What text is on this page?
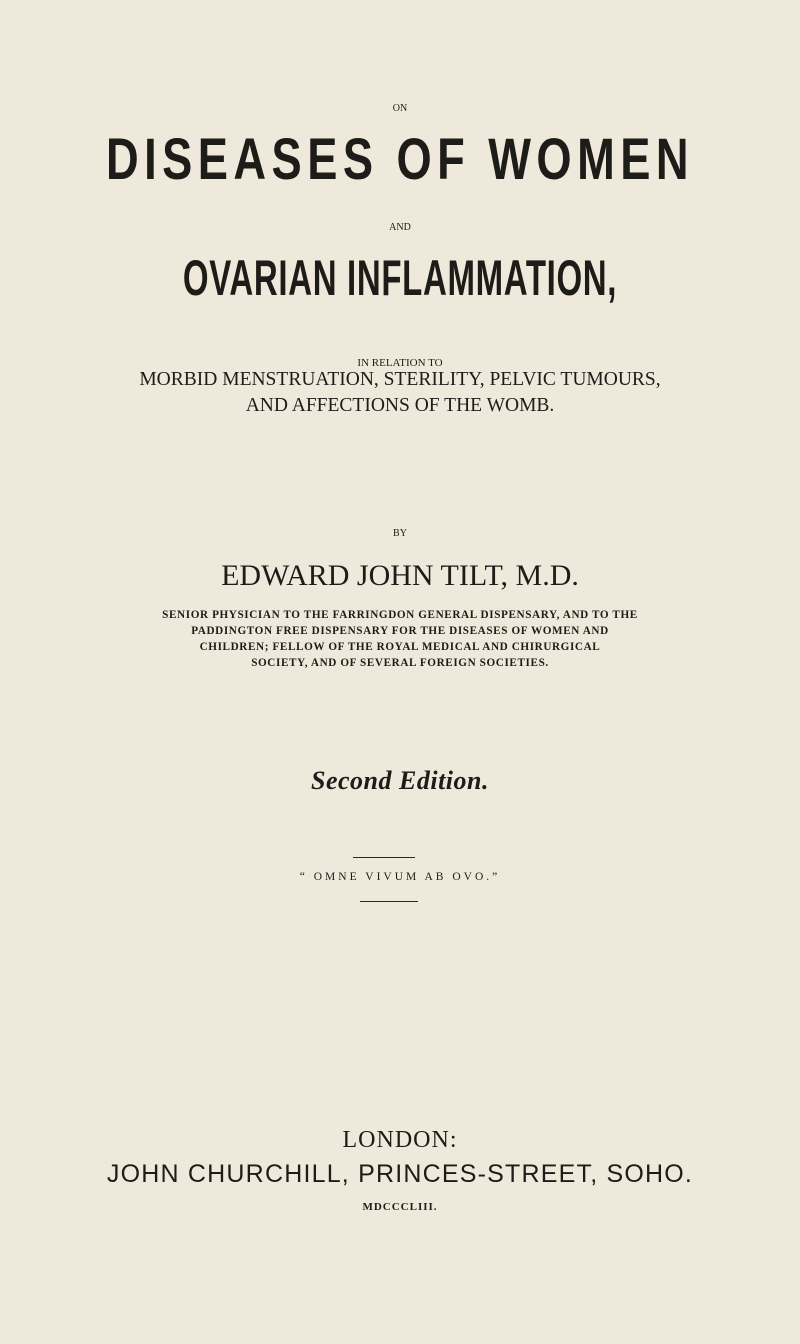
ON
DISEASES OF WOMEN
AND
OVARIAN INFLAMMATION,
IN RELATION TO
MORBID MENSTRUATION, STERILITY, PELVIC TUMOURS,
AND AFFECTIONS OF THE WOMB.
BY
EDWARD JOHN TILT, M.D.
SENIOR PHYSICIAN TO THE FARRINGDON GENERAL DISPENSARY, AND TO THE
PADDINGTON FREE DISPENSARY FOR THE DISEASES OF WOMEN AND
CHILDREN; FELLOW OF THE ROYAL MEDICAL AND CHIRURGICAL
SOCIETY, AND OF SEVERAL FOREIGN SOCIETIES.
Second Edition.
“ OMNE VIVUM AB OVO.”
LONDON:
JOHN CHURCHILL, PRINCES-STREET, SOHO.
MDCCCLIII.
